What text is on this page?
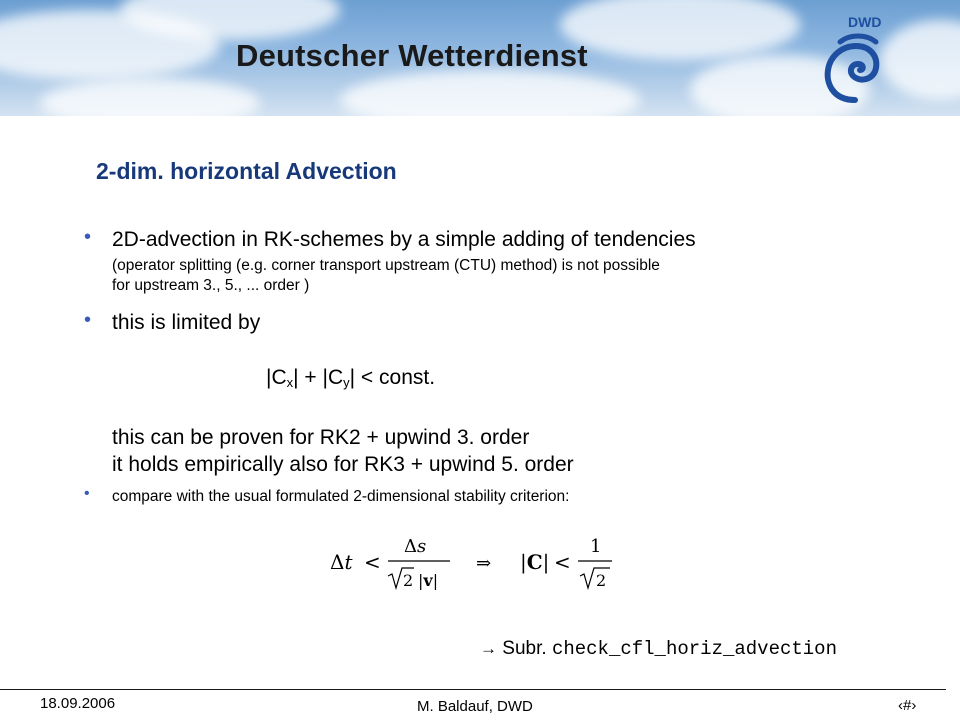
Deutscher Wetterdienst
DWD
2-dim. horizontal Advection
• 2D-advection in RK-schemes by a simple adding of tendencies
(operator splitting (e.g. corner transport upstream (CTU) method) is not possible
for upstream 3., 5., ... order )
• this is limited by
$|C_x| + |C_y|$ < const.
this can be proven for RK2 + upwind 3. order
it holds empirically also for RK3 + upwind 5. order
• compare with the usual formulated 2-dimensional stability criterion:
Δt <
Δs
2 |v|
⇒ |C| <
1
2
→ Subr. check_cfl_horiz_advection
18.09.2006	M. Baldauf, DWD	‹#›
